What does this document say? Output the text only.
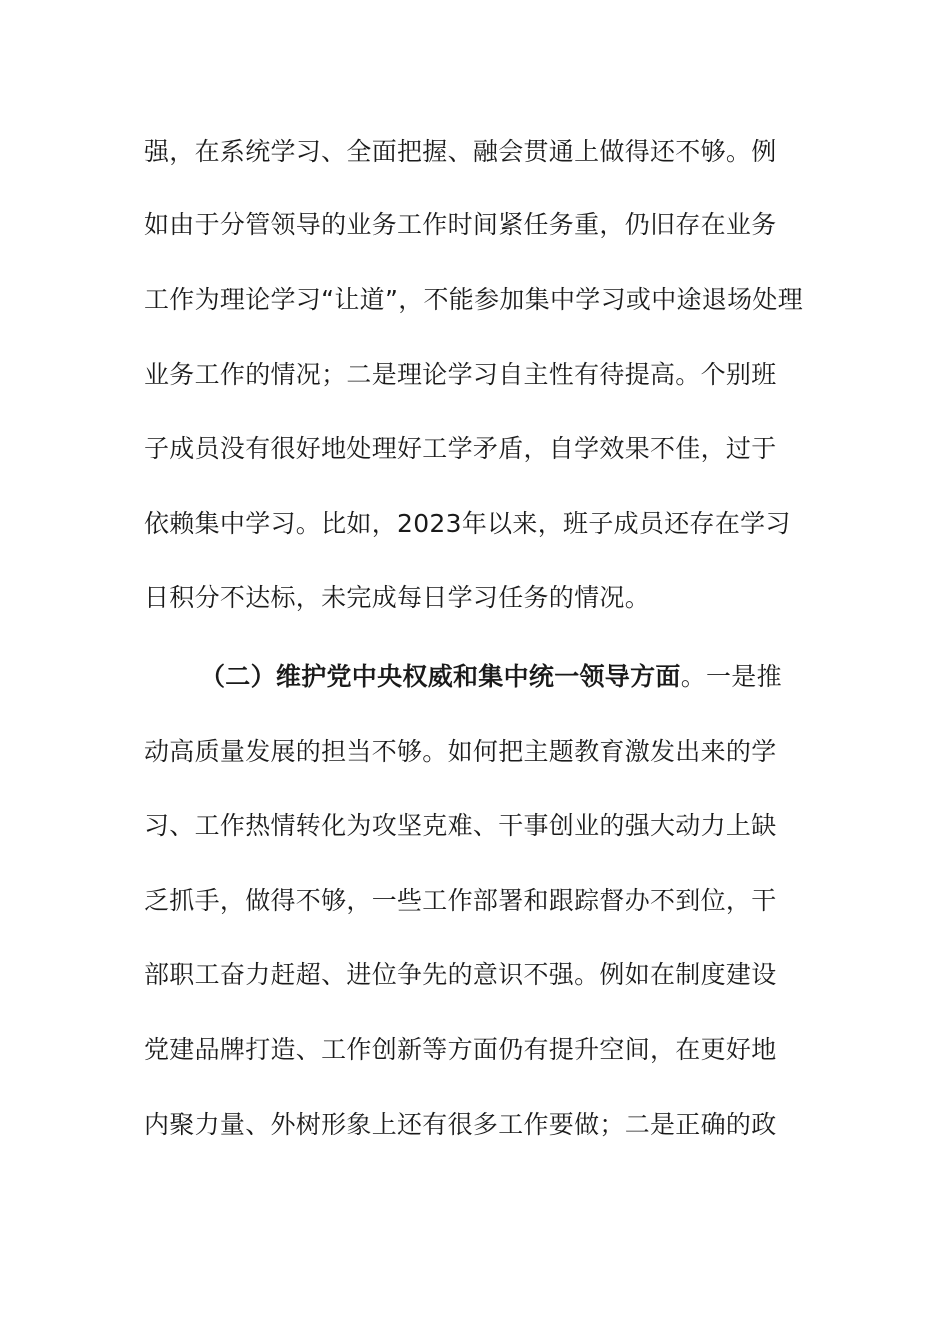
强，在系统学习、全面把握、融会贯通上做得还不够。例
如由于分管领导的业务工作时间紧任务重，仍旧存在业务
工作为理论学习“让道”，不能参加集中学习或中途退场处理
业务工作的情况；二是理论学习自主性有待提高。个别班
子成员没有很好地处理好工学矛盾，自学效果不佳，过于
依赖集中学习。比如，2023年以来，班子成员还存在学习
日积分不达标，未完成每日学习任务的情况。
（二）维护党中央权威和集中统一领导方面。一是推
动高质量发展的担当不够。如何把主题教育激发出来的学
习、工作热情转化为攻坚克难、干事创业的强大动力上缺
乏抓手，做得不够，一些工作部署和跟踪督办不到位，干
部职工奋力赶超、进位争先的意识不强。例如在制度建设
党建品牌打造、工作创新等方面仍有提升空间，在更好地
内聚力量、外树形象上还有很多工作要做；二是正确的政
